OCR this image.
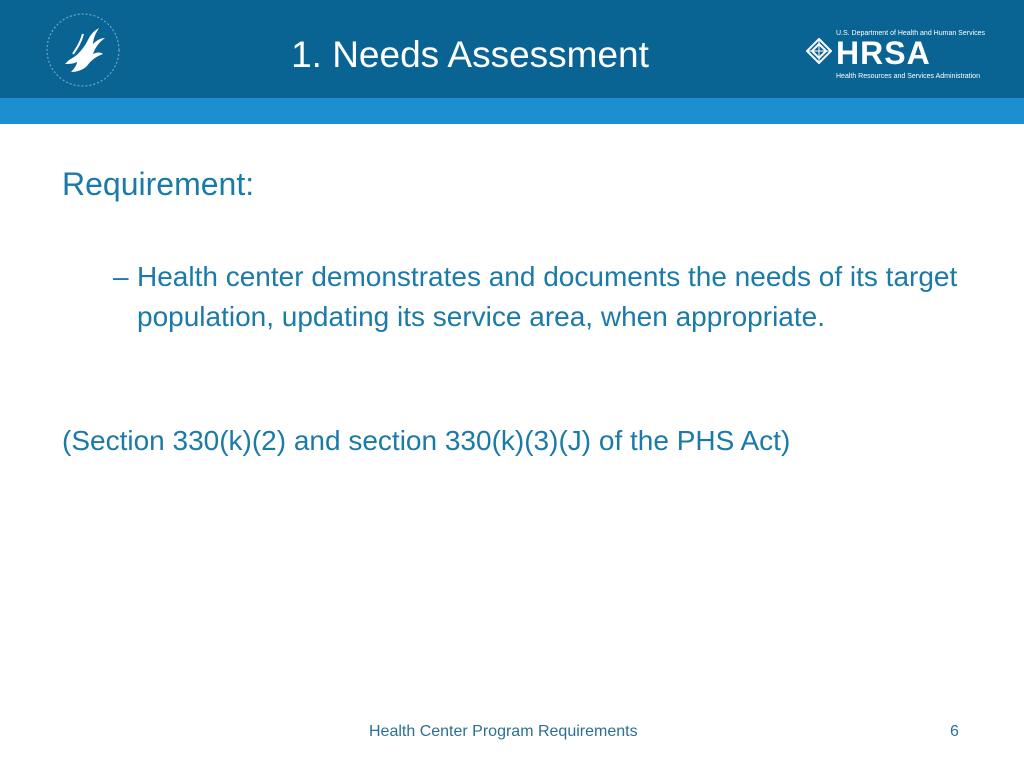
1. Needs Assessment
U.S. Department of Health and Human Services
HRSA
Health Resources and Services Administration
Requirement:
– Health center demonstrates and documents the needs of its target population, updating its service area, when appropriate.
(Section 330(k)(2) and section 330(k)(3)(J) of the PHS Act)
Health Center Program Requirements	6
